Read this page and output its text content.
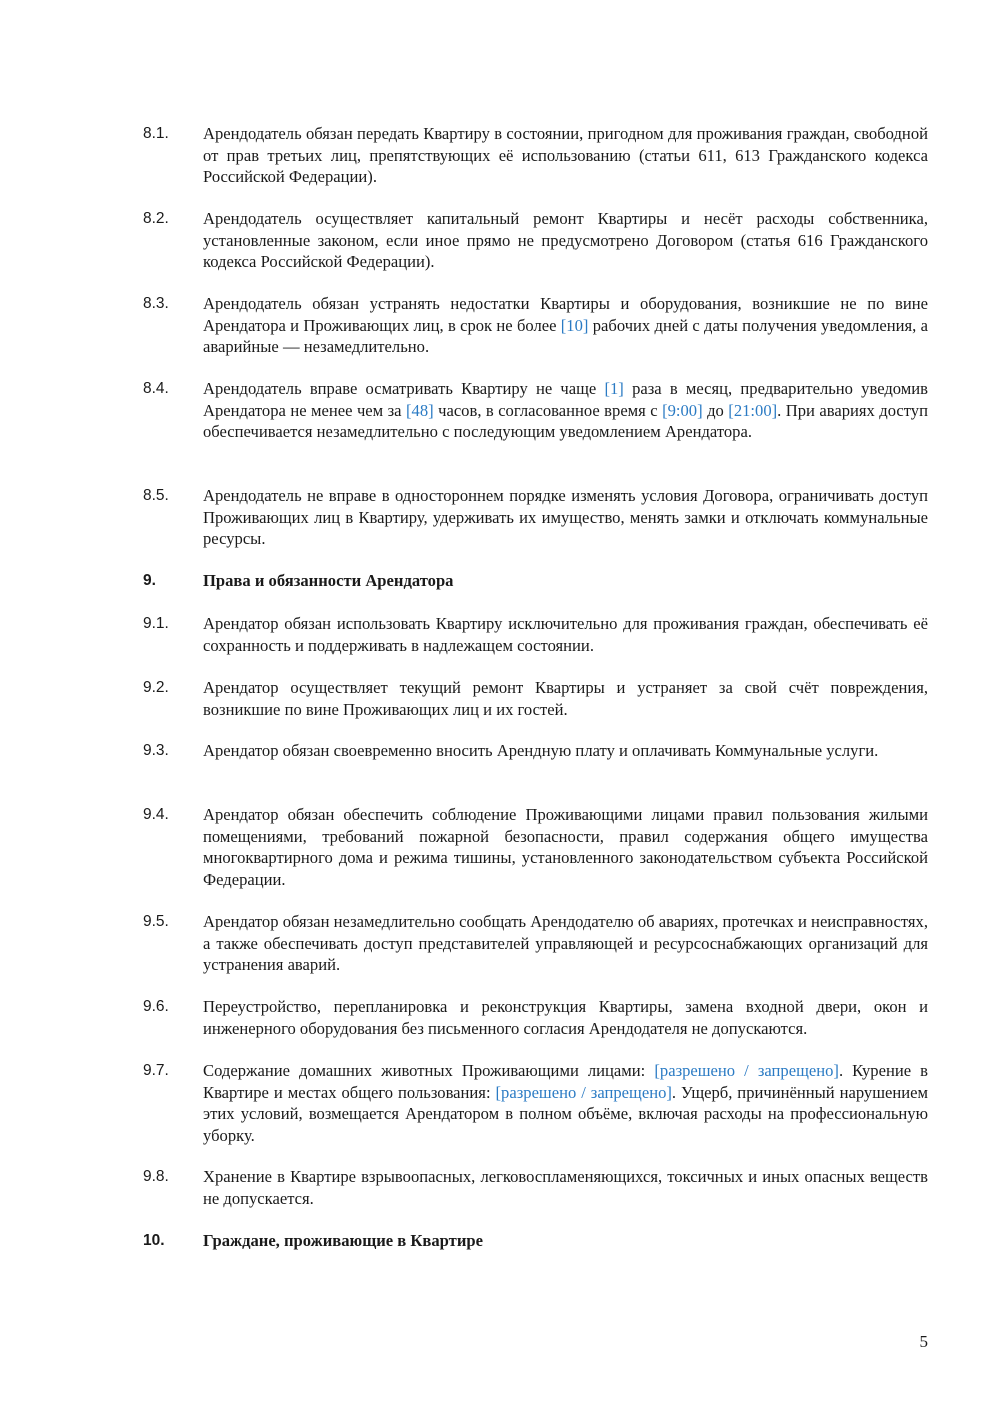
8.1. Арендодатель обязан передать Квартиру в состоянии, пригодном для проживания граждан, свободной от прав третьих лиц, препятствующих её использованию (статьи 611, 613 Гражданского кодекса Российской Федерации).
8.2. Арендодатель осуществляет капитальный ремонт Квартиры и несёт расходы собственника, установленные законом, если иное прямо не предусмотрено Договором (статья 616 Гражданского кодекса Российской Федерации).
8.3. Арендодатель обязан устранять недостатки Квартиры и оборудования, возникшие не по вине Арендатора и Проживающих лиц, в срок не более [10] рабочих дней с даты получения уведомления, а аварийные — незамедлительно.
8.4. Арендодатель вправе осматривать Квартиру не чаще [1] раза в месяц, предварительно уведомив Арендатора не менее чем за [48] часов, в согласованное время с [9:00] до [21:00]. При авариях доступ обеспечивается незамедлительно с последующим уведомлением Арендатора.
8.5. Арендодатель не вправе в одностороннем порядке изменять условия Договора, ограничивать доступ Проживающих лиц в Квартиру, удерживать их имущество, менять замки и отключать коммунальные ресурсы.
9.	Права и обязанности Арендатора
9.1. Арендатор обязан использовать Квартиру исключительно для проживания граждан, обеспечивать её сохранность и поддерживать в надлежащем состоянии.
9.2. Арендатор осуществляет текущий ремонт Квартиры и устраняет за свой счёт повреждения, возникшие по вине Проживающих лиц и их гостей.
9.3. Арендатор обязан своевременно вносить Арендную плату и оплачивать Коммунальные услуги.
9.4. Арендатор обязан обеспечить соблюдение Проживающими лицами правил пользования жилыми помещениями, требований пожарной безопасности, правил содержания общего имущества многоквартирного дома и режима тишины, установленного законодательством субъекта Российской Федерации.
9.5. Арендатор обязан незамедлительно сообщать Арендодателю об авариях, протечках и неисправностях, а также обеспечивать доступ представителей управляющей и ресурсоснабжающих организаций для устранения аварий.
9.6. Переустройство, перепланировка и реконструкция Квартиры, замена входной двери, окон и инженерного оборудования без письменного согласия Арендодателя не допускаются.
9.7. Содержание домашних животных Проживающими лицами: [разрешено / запрещено]. Курение в Квартире и местах общего пользования: [разрешено / запрещено]. Ущерб, причинённый нарушением этих условий, возмещается Арендатором в полном объёме, включая расходы на профессиональную уборку.
9.8. Хранение в Квартире взрывоопасных, легковоспламеняющихся, токсичных и иных опасных веществ не допускается.
10. Граждане, проживающие в Квартире
5
